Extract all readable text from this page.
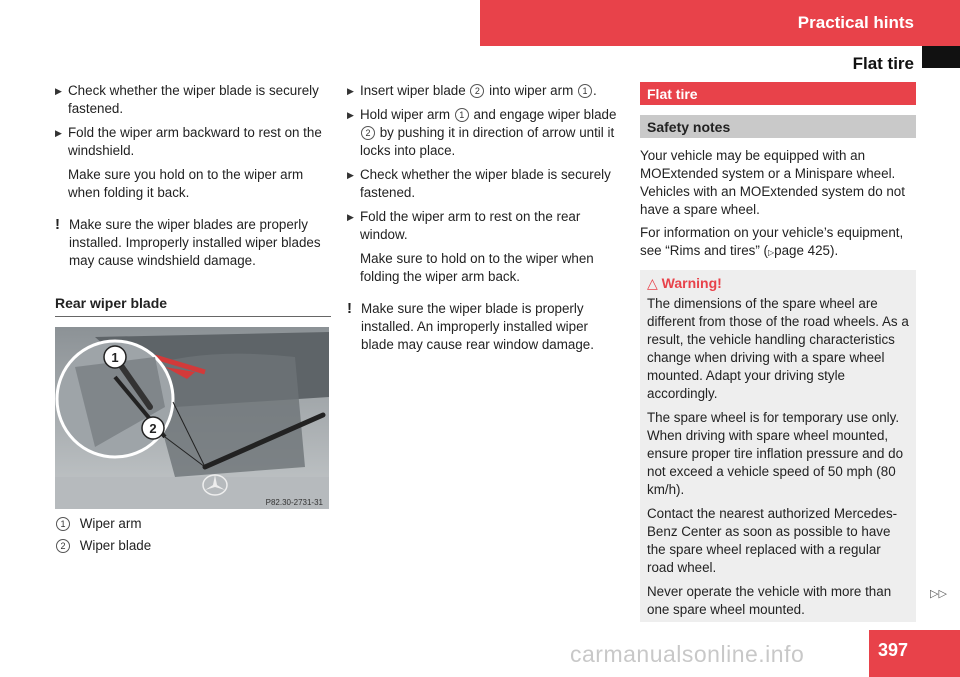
Practical hints
Flat tire
▶ Check whether the wiper blade is securely fastened.
▶ Fold the wiper arm backward to rest on the windshield.
Make sure you hold on to the wiper arm when folding it back.
! Make sure the wiper blades are properly installed. Improperly installed wiper blades may cause windshield damage.
Rear wiper blade
1
2
P82.30-2731-31
1 Wiper arm
2 Wiper blade
▶ Insert wiper blade 2 into wiper arm 1 .
▶ Hold wiper arm 1 and engage wiper blade 2 by pushing it in direction of arrow until it locks into place.
▶ Check whether the wiper blade is securely fastened.
▶ Fold the wiper arm to rest on the rear window.
Make sure to hold on to the wiper when folding the wiper arm back.
! Make sure the wiper blade is properly installed. An improperly installed wiper blade may cause rear window damage.
Flat tire
Safety notes

Your vehicle may be equipped with an MOExtended system or a Minispare wheel. Vehicles with an MOExtended system do not have a spare wheel.

For information on your vehicle’s equipment, see “Rims and tires” (▷page 425).

△ Warning!

The dimensions of the spare wheel are different from those of the road wheels. As a result, the vehicle handling characteristics change when driving with a spare wheel mounted. Adapt your driving style accordingly.

The spare wheel is for temporary use only. When driving with spare wheel mounted, ensure proper tire inflation pressure and do not exceed a vehicle speed of 50 mph (80 km/h).

Contact the nearest authorized Mercedes-Benz Center as soon as possible to have the spare wheel replaced with a regular road wheel.

Never operate the vehicle with more than one spare wheel mounted.

▷▷
carmanualsonline.info	397
